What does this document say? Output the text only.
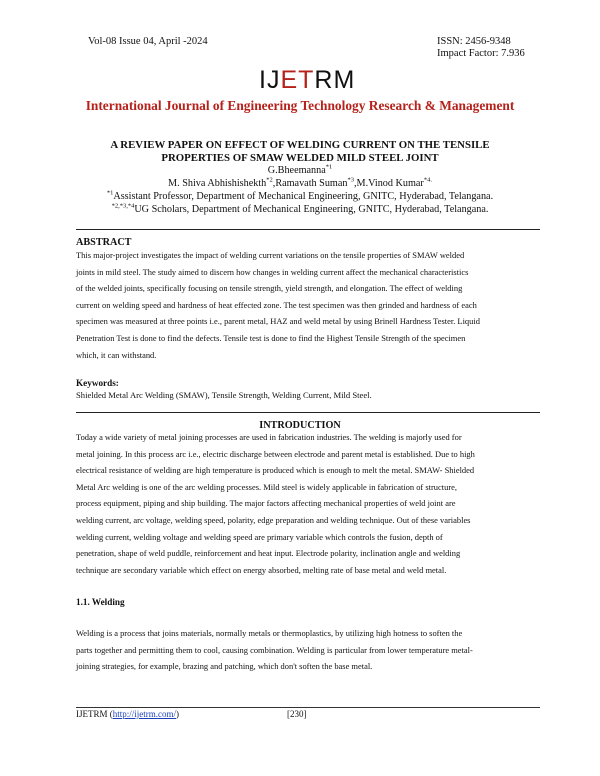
Vol-08 Issue 04, April -2024	ISSN: 2456-9348
Impact Factor: 7.936
IJETRM
International Journal of Engineering Technology Research & Management
A REVIEW PAPER ON EFFECT OF WELDING CURRENT ON THE TENSILE
PROPERTIES OF SMAW WELDED MILD STEEL JOINT
G.Bheemanna$^{*1}$
M. Shiva Abhishishekth$^{*2}$,Ramavath Suman$^{*3}$,M.Vinod Kumar$^{*4.}$
$^{*1}$Assistant Professor, Department of Mechanical Engineering, GNITC, Hyderabad, Telangana.
$^{*2,*3,*4}$UG Scholars, Department of Mechanical Engineering, GNITC, Hyderabad, Telangana.
ABSTRACT
This major-project investigates the impact of welding current variations on the tensile properties of SMAW welded
joints in mild steel. The study aimed to discern how changes in welding current affect the mechanical characteristics
of the welded joints, specifically focusing on tensile strength, yield strength, and elongation. The effect of welding
current on welding speed and hardness of heat effected zone. The test specimen was then grinded and hardness of each
specimen was measured at three points i.e., parent metal, HAZ and weld metal by using Brinell Hardness Tester. Liquid
Penetration Test is done to find the defects. Tensile test is done to find the Highest Tensile Strength of the specimen
which, it can withstand.
Keywords:
Shielded Metal Arc Welding (SMAW), Tensile Strength, Welding Current, Mild Steel.
INTRODUCTION
Today a wide variety of metal joining processes are used in fabrication industries. The welding is majorly used for
metal joining. In this process arc i.e., electric discharge between electrode and parent metal is established. Due to high
electrical resistance of welding are high temperature is produced which is enough to melt the metal. SMAW- Shielded
Metal Arc welding is one of the arc welding processes. Mild steel is widely applicable in fabrication of structure,
process equipment, piping and ship building. The major factors affecting mechanical properties of weld joint are
welding current, arc voltage, welding speed, polarity, edge preparation and welding technique. Out of these variables
welding current, welding voltage and welding speed are primary variable which controls the fusion, depth of
penetration, shape of weld puddle, reinforcement and heat input. Electrode polarity, inclination angle and welding
technique are secondary variable which effect on energy absorbed, melting rate of base metal and weld metal.
1.1. Welding
Welding is a process that joins materials, normally metals or thermoplastics, by utilizing high hotness to soften the
parts together and permitting them to cool, causing combination. Welding is particular from lower temperature metal-
joining strategies, for example, brazing and patching, which don't soften the base metal.
IJETRM (http://ijetrm.com/)	[230]
